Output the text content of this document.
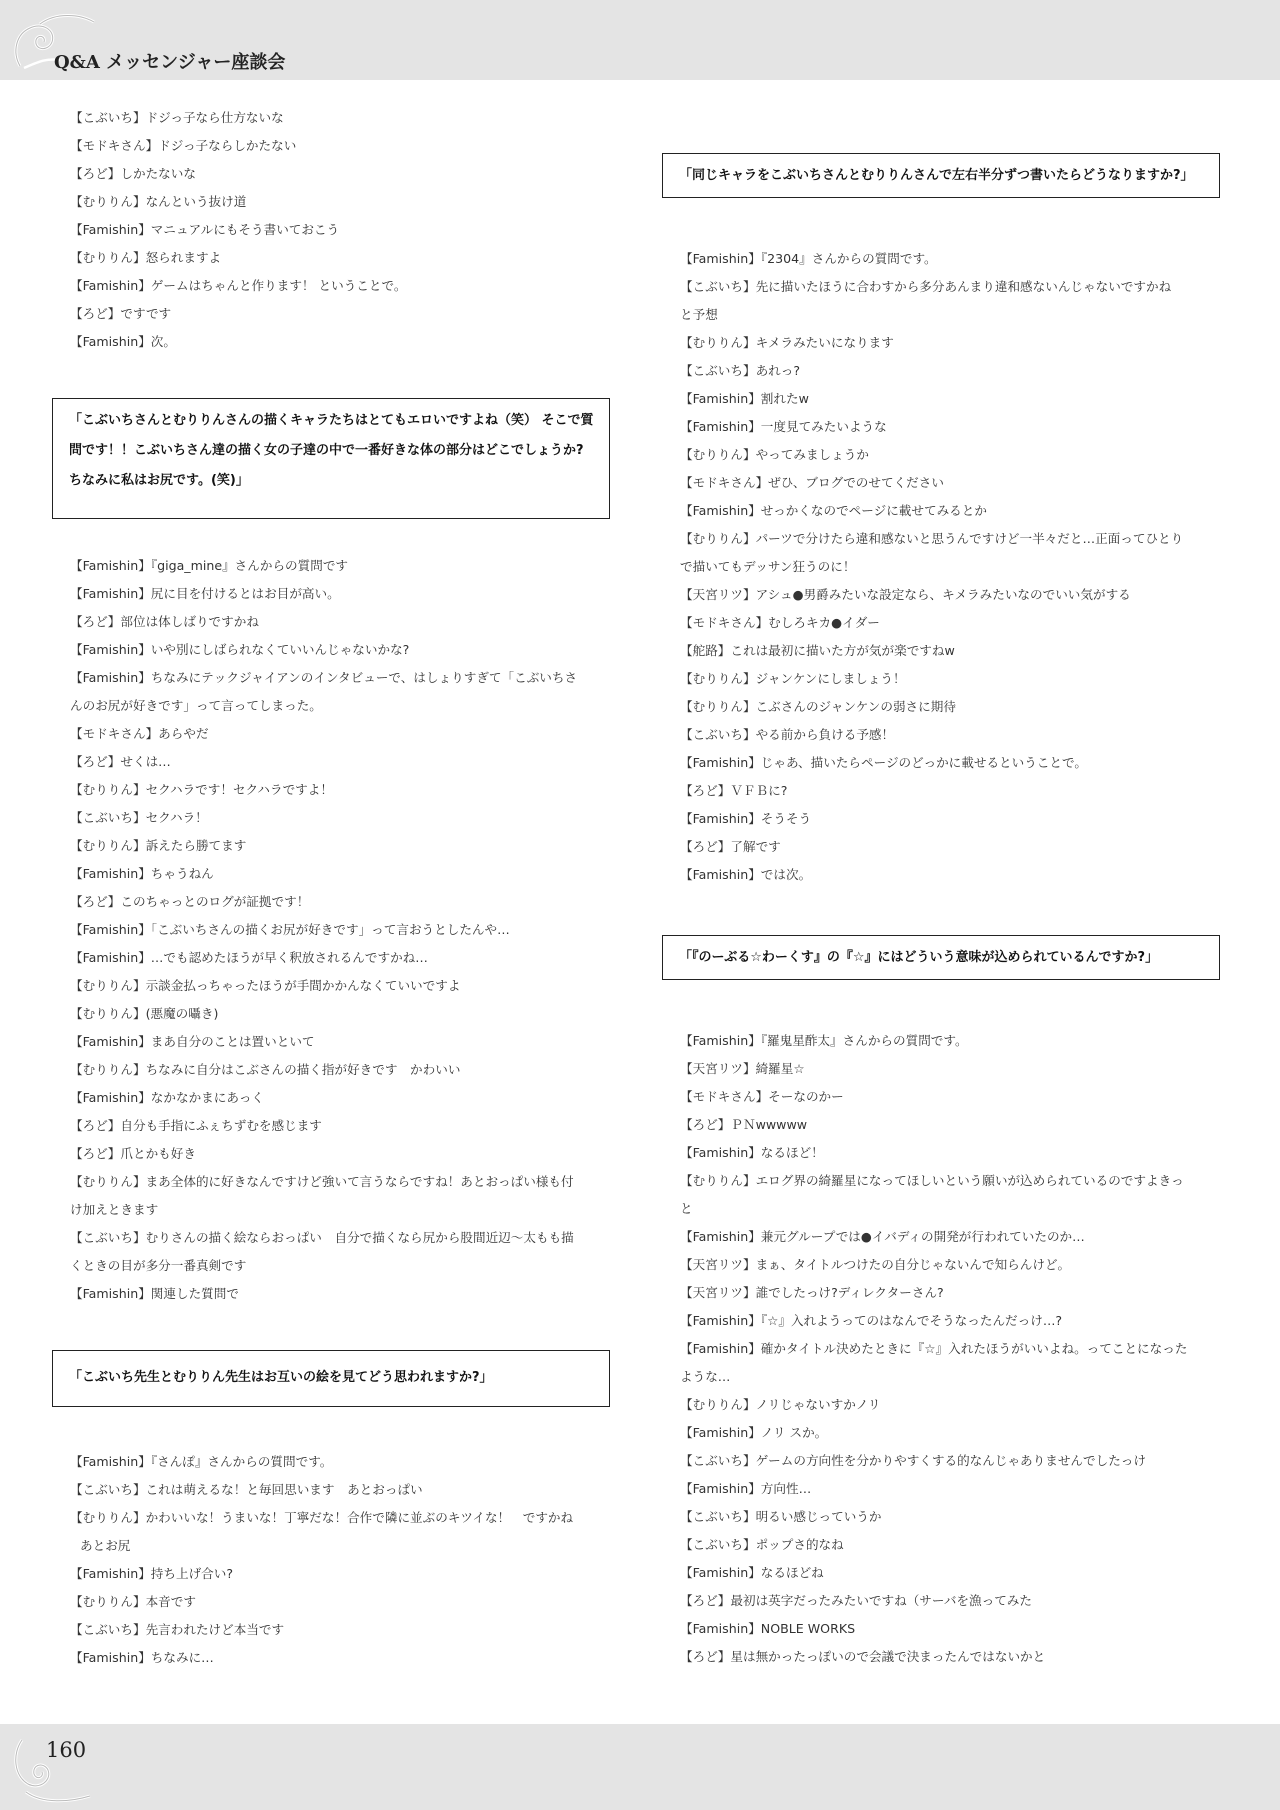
Q&A メッセンジャー座談会
【こぶいち】ドジっ子なら仕方ないな
【モドキさん】ドジっ子ならしかたない
【ろど】しかたないな
【むりりん】なんという抜け道
【Famishin】マニュアルにもそう書いておこう
【むりりん】怒られますよ
【Famishin】ゲームはちゃんと作ります！ ということで。
【ろど】ですです
【Famishin】次。
「こぶいちさんとむりりんさんの描くキャラたちはとてもエロいですよね（笑） そこで質
問です！！こぶいちさん達の描く女の子達の中で一番好きな体の部分はどこでしょうか?
ちなみに私はお尻です。(笑)」
【Famishin】『giga_mine』さんからの質問です
【Famishin】尻に目を付けるとはお目が高い。
【ろど】部位は体しばりですかね
【Famishin】いや別にしばられなくていいんじゃないかな?
【Famishin】ちなみにテックジャイアンのインタビューで、はしょりすぎて「こぶいちさ
んのお尻が好きです」って言ってしまった。
【モドキさん】あらやだ
【ろど】せくは…
【むりりん】セクハラです！セクハラですよ！
【こぶいち】セクハラ！
【むりりん】訴えたら勝てます
【Famishin】ちゃうねん
【ろど】このちゃっとのログが証拠です！
【Famishin】「こぶいちさんの描くお尻が好きです」って言おうとしたんや…
【Famishin】…でも認めたほうが早く釈放されるんですかね…
【むりりん】示談金払っちゃったほうが手間かかんなくていいですよ
【むりりん】(悪魔の囁き)
【Famishin】まあ自分のことは置いといて
【むりりん】ちなみに自分はこぶさんの描く指が好きです　かわいい
【Famishin】なかなかまにあっく
【ろど】自分も手指にふぇちずむを感じます
【ろど】爪とかも好き
【むりりん】まあ全体的に好きなんですけど強いて言うならですね！あとおっぱい様も付
け加えときます
【こぶいち】むりさんの描く絵ならおっぱい　自分で描くなら尻から股間近辺～太もも描
くときの目が多分一番真剣です
【Famishin】関連した質問で
「こぶいち先生とむりりん先生はお互いの絵を見てどう思われますか?」
【Famishin】『さんぽ』さんからの質問です。
【こぶいち】これは萌えるな！と毎回思います　あとおっぱい
【むりりん】かわいいな！うまいな！丁寧だな！合作で隣に並ぶのキツイな！　ですかね
あとお尻
【Famishin】持ち上げ合い?
【むりりん】本音です
【こぶいち】先言われたけど本当です
【Famishin】ちなみに…
「同じキャラをこぶいちさんとむりりんさんで左右半分ずつ書いたらどうなりますか?」
【Famishin】『2304』さんからの質問です。
【こぶいち】先に描いたほうに合わすから多分あんまり違和感ないんじゃないですかね
と予想
【むりりん】キメラみたいになります
【こぶいち】あれっ?
【Famishin】割れたw
【Famishin】一度見てみたいような
【むりりん】やってみましょうか
【モドキさん】ぜひ、ブログでのせてください
【Famishin】せっかくなのでページに載せてみるとか
【むりりん】パーツで分けたら違和感ないと思うんですけど一半々だと…正面ってひとり
で描いてもデッサン狂うのに！
【天宮リツ】アシュ●男爵みたいな設定なら、キメラみたいなのでいい気がする
【モドキさん】むしろキカ●イダー
【舵路】これは最初に描いた方が気が楽ですねw
【むりりん】ジャンケンにしましょう！
【むりりん】こぶさんのジャンケンの弱さに期待
【こぶいち】やる前から負ける予感！
【Famishin】じゃあ、描いたらページのどっかに載せるということで。
【ろど】ＶＦＢに?
【Famishin】そうそう
【ろど】了解です
【Famishin】では次。
「『のーぶる☆わーくす』の『☆』にはどういう意味が込められているんですか?」
【Famishin】『羅鬼星酢太』さんからの質問です。
【天宮リツ】綺羅星☆
【モドキさん】そーなのかー
【ろど】ＰＮwwwww
【Famishin】なるほど！
【むりりん】エログ界の綺羅星になってほしいという願いが込められているのですよきっ
と
【Famishin】兼元グループでは●イバディの開発が行われていたのか…
【天宮リツ】まぁ、タイトルつけたの自分じゃないんで知らんけど。
【天宮リツ】誰でしたっけ?ディレクターさん?
【Famishin】『☆』入れようってのはなんでそうなったんだっけ…?
【Famishin】確かタイトル決めたときに『☆』入れたほうがいいよね。ってことになった
ような…
【むりりん】ノリじゃないすかノリ
【Famishin】ノリ スか。
【こぶいち】ゲームの方向性を分かりやすくする的なんじゃありませんでしたっけ
【Famishin】方向性…
【こぶいち】明るい感じっていうか
【こぶいち】ポップさ的なね
【Famishin】なるほどね
【ろど】最初は英字だったみたいですね（サーバを漁ってみた
【Famishin】NOBLE WORKS
【ろど】星は無かったっぽいので会議で決まったんではないかと
160
